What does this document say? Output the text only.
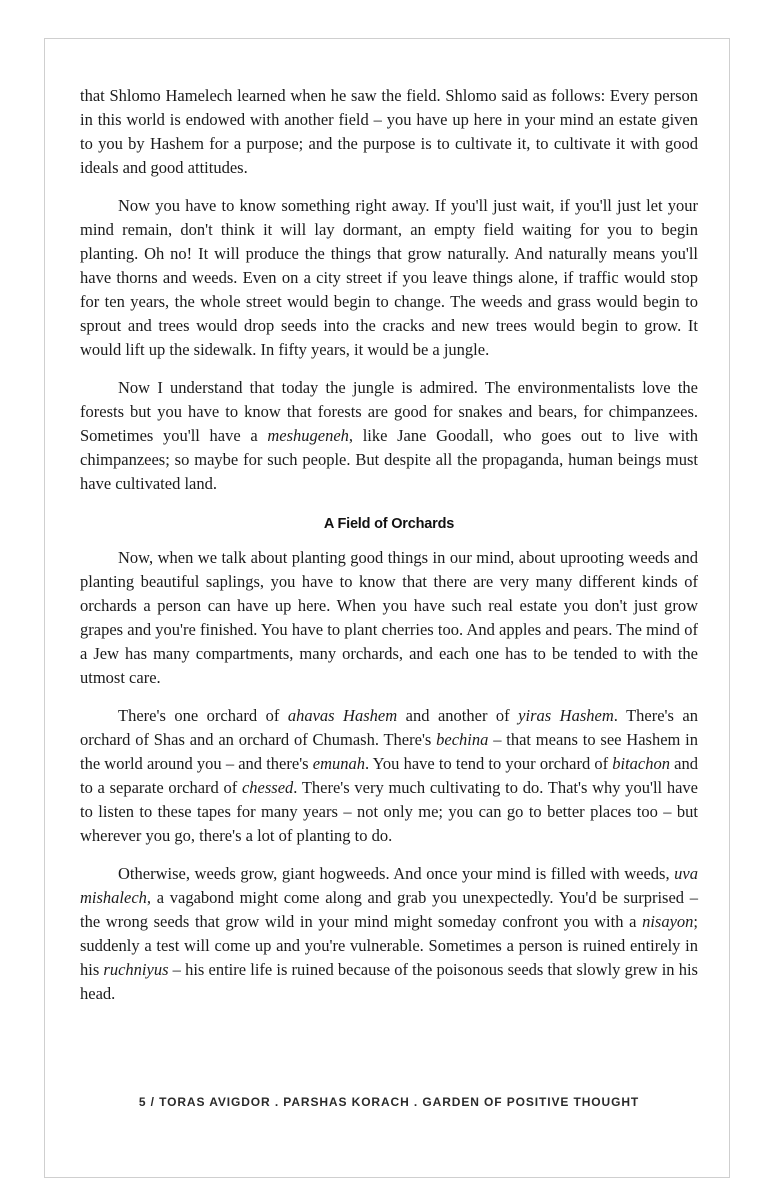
that Shlomo Hamelech learned when he saw the field. Shlomo said as follows: Every person in this world is endowed with another field – you have up here in your mind an estate given to you by Hashem for a purpose; and the purpose is to cultivate it, to cultivate it with good ideals and good attitudes.

Now you have to know something right away. If you'll just wait, if you'll just let your mind remain, don't think it will lay dormant, an empty field waiting for you to begin planting. Oh no! It will produce the things that grow naturally. And naturally means you'll have thorns and weeds. Even on a city street if you leave things alone, if traffic would stop for ten years, the whole street would begin to change. The weeds and grass would begin to sprout and trees would drop seeds into the cracks and new trees would begin to grow. It would lift up the sidewalk. In fifty years, it would be a jungle.

Now I understand that today the jungle is admired. The environmentalists love the forests but you have to know that forests are good for snakes and bears, for chimpanzees. Sometimes you'll have a meshugeneh, like Jane Goodall, who goes out to live with chimpanzees; so maybe for such people. But despite all the propaganda, human beings must have cultivated land.

A Field of Orchards

Now, when we talk about planting good things in our mind, about uprooting weeds and planting beautiful saplings, you have to know that there are very many different kinds of orchards a person can have up here. When you have such real estate you don't just grow grapes and you're finished. You have to plant cherries too. And apples and pears. The mind of a Jew has many compartments, many orchards, and each one has to be tended to with the utmost care.

There's one orchard of ahavas Hashem and another of yiras Hashem. There's an orchard of Shas and an orchard of Chumash. There's bechina – that means to see Hashem in the world around you – and there's emunah. You have to tend to your orchard of bitachon and to a separate orchard of chessed. There's very much cultivating to do. That's why you'll have to listen to these tapes for many years – not only me; you can go to better places too – but wherever you go, there's a lot of planting to do.

Otherwise, weeds grow, giant hogweeds. And once your mind is filled with weeds, uva mishalech, a vagabond might come along and grab you unexpectedly. You'd be surprised – the wrong seeds that grow wild in your mind might someday confront you with a nisayon; suddenly a test will come up and you're vulnerable. Sometimes a person is ruined entirely in his ruchniyus – his entire life is ruined because of the poisonous seeds that slowly grew in his head.

5 / TORAS AVIGDOR . PARSHAS KORACH . GARDEN OF POSITIVE THOUGHT
